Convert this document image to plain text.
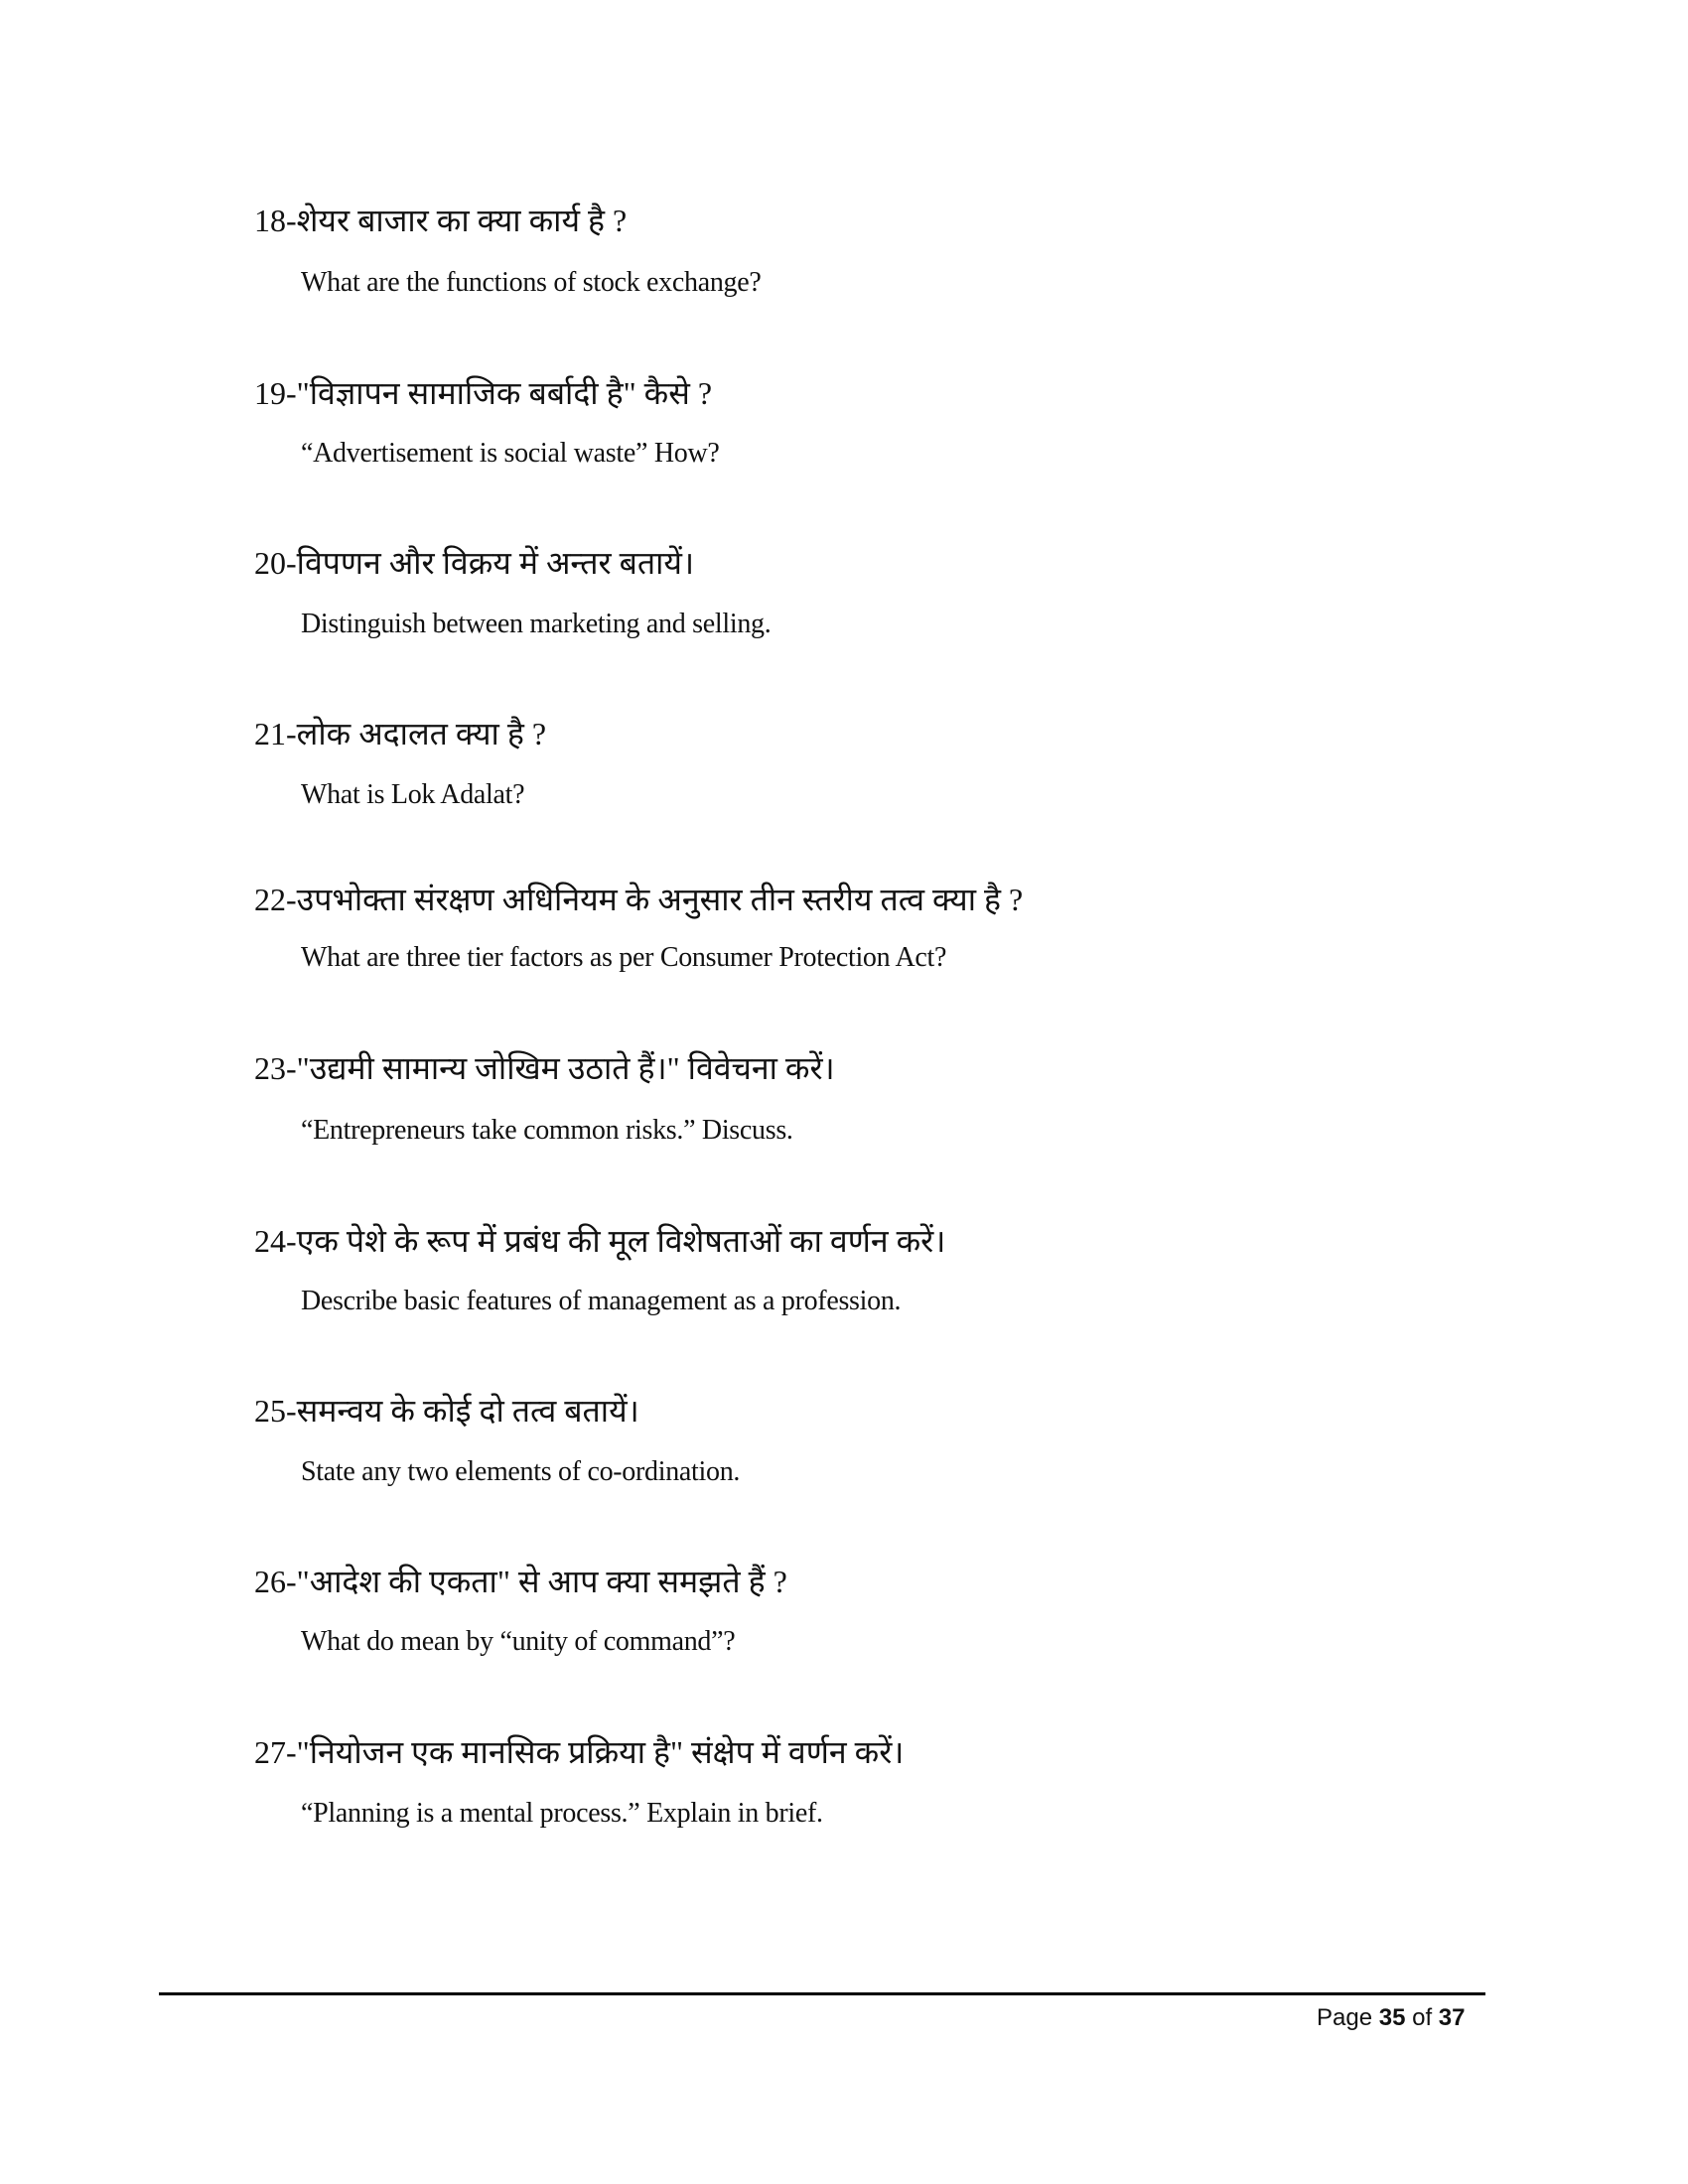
18-शेयर बाजार का क्या कार्य है ?
What are the functions of stock exchange?
19-"विज्ञापन सामाजिक बर्बादी है" कैसे ?
“Advertisement is social waste” How?
20-विपणन और विक्रय में अन्तर बतायें।
Distinguish between marketing and selling.
21-लोक अदालत क्या है ?
What is Lok Adalat?
22-उपभोक्ता संरक्षण अधिनियम के अनुसार तीन स्तरीय तत्व क्या है ?
What are three tier factors as per Consumer Protection Act?
23-"उद्यमी सामान्य जोखिम उठाते हैं।" विवेचना करें।
“Entrepreneurs take common risks.” Discuss.
24-एक पेशे के रूप में प्रबंध की मूल विशेषताओं का वर्णन करें।
Describe basic features of management as a profession.
25-समन्वय के कोई दो तत्व बतायें।
State any two elements of co-ordination.
26-"आदेश की एकता" से आप क्या समझते हैं ?
What do mean by “unity of command”?
27-"नियोजन एक मानसिक प्रक्रिया है" संक्षेप में वर्णन करें।
“Planning is a mental process.” Explain in brief.
Page 35 of 37
